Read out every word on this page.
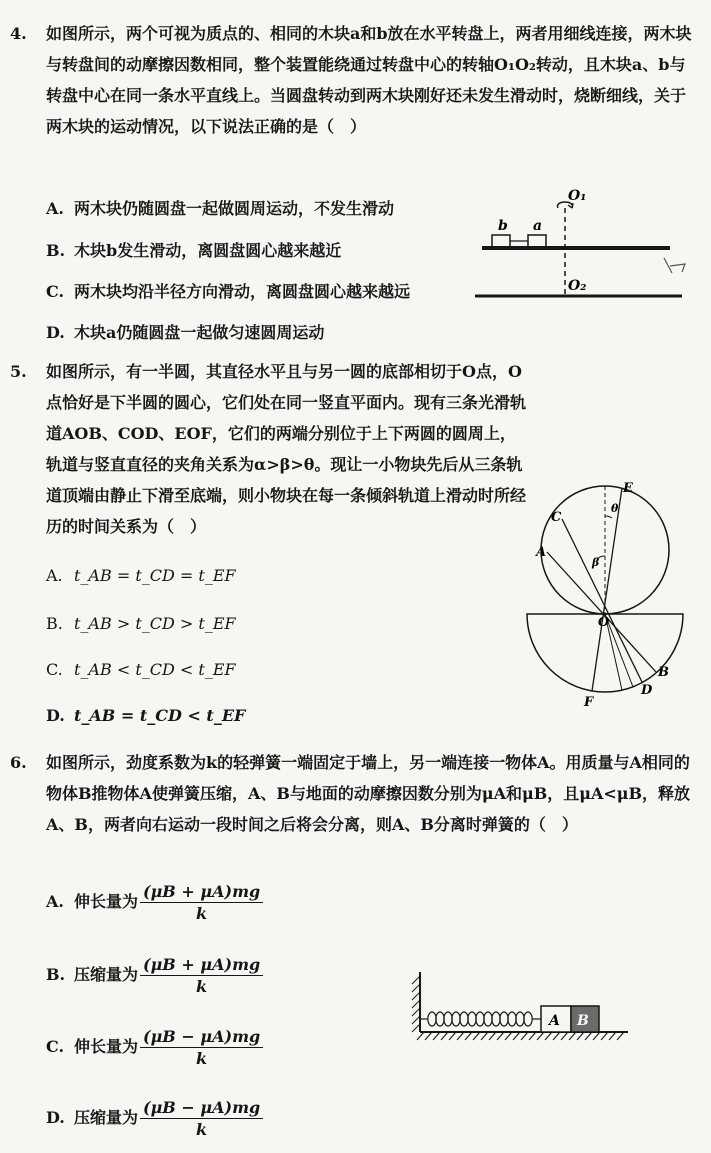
4. 如图所示，两个可视为质点的、相同的木块a和b放在水平转盘上，两者用细线连接，两木块与转盘间的动摩擦因数相同，整个装置能绕通过转盘中心的转轴O₁O₂转动，且木块a、b与转盘中心在同一条水平直线上。当圆盘转动到两木块刚好还未发生滑动时，烧断细线，关于两木块的运动情况，以下说法正确的是（　）
A. 两木块仍随圆盘一起做圆周运动，不发生滑动
B. 木块b发生滑动，离圆盘圆心越来越近
C. 两木块均沿半径方向滑动，离圆盘圆心越来越远
D. 木块a仍随圆盘一起做匀速圆周运动
O₁
b a
O₂
5. 如图所示，有一半圆，其直径水平且与另一圆的底部相切于O点，O点恰好是下半圆的圆心，它们处在同一竖直平面内。现有三条光滑轨道AOB、COD、EOF，它们的两端分别位于上下两圆的圆周上，轨道与竖直直径的夹角关系为α>β>θ。现让一小物块先后从三条轨道顶端由静止下滑至底端，则小物块在每一条倾斜轨道上滑动时所经历的时间关系为（　）
A. t_AB = t_CD = t_EF
B. t_AB > t_CD > t_EF
C. t_AB < t_CD < t_EF
D. t_AB = t_CD < t_EF
E
C
A
θ
β
O
B
D
F
6. 如图所示，劲度系数为k的轻弹簧一端固定于墙上，另一端连接一物体A。用质量与A相同的物体B推物体A使弹簧压缩，A、B与地面的动摩擦因数分别为μA和μB，且μA<μB，释放A、B，两者向右运动一段时间之后将会分离，则A、B分离时弹簧的（　）
A. 伸长量为 $\frac{(\mu B + \mu A)mg}{k}$
B. 压缩量为 $\frac{(\mu B + \mu A)mg}{k}$
C. 伸长量为 $\frac{(\mu B - \mu A)mg}{k}$
D. 压缩量为 $\frac{(\mu B - \mu A)mg}{k}$
A B
